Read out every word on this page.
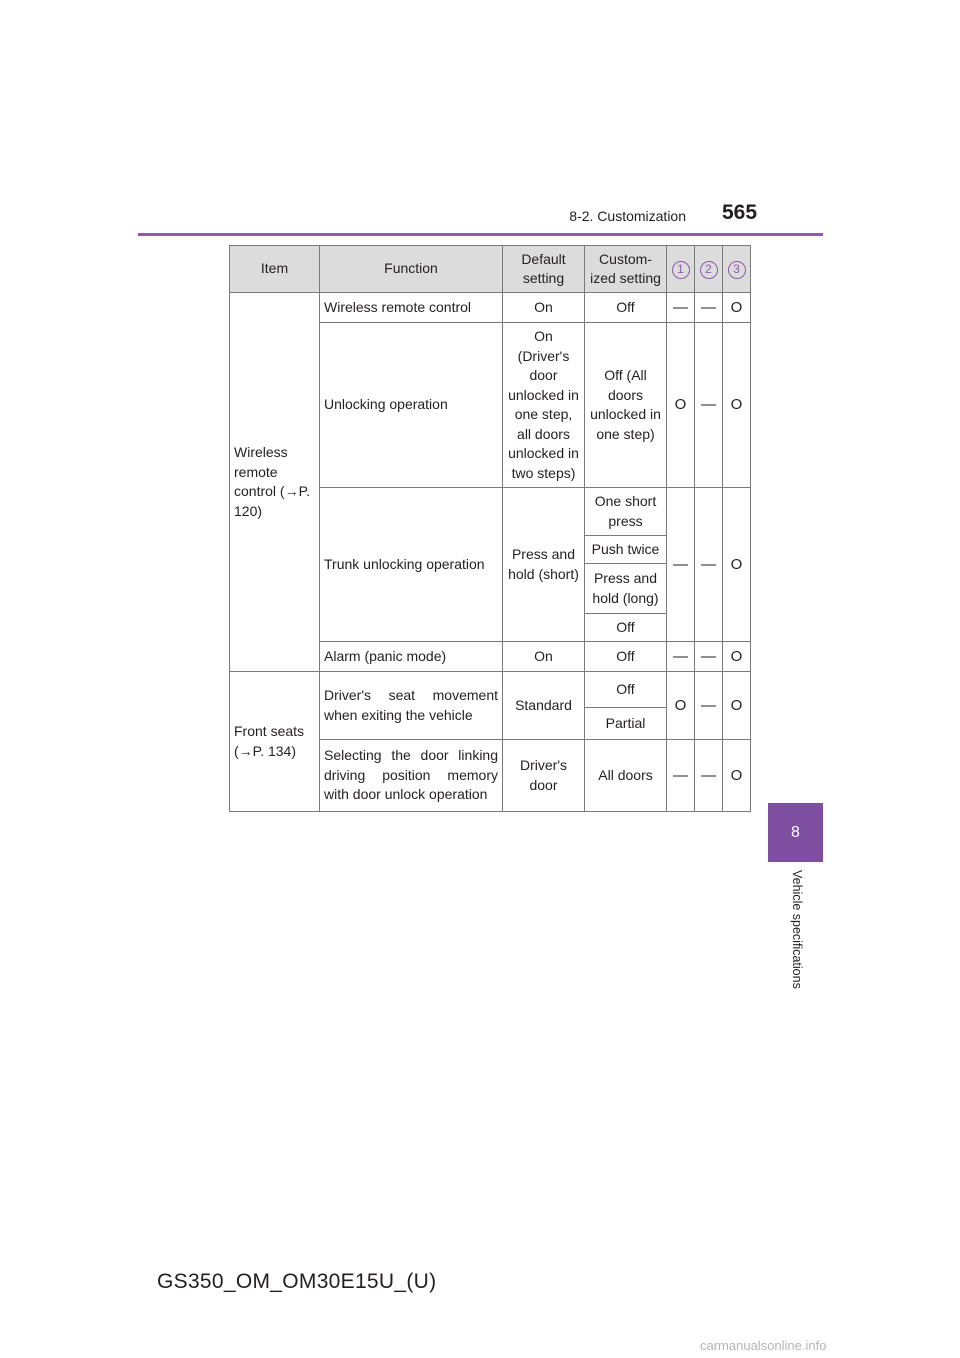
8-2. Customization 565
Item	Function	Default setting	Custom-ized setting	1	2	3
Wireless remote control (→P. 120)	Wireless remote control	On	Off	—	—	O
	Unlocking operation	On (Driver's door unlocked in one step, all doors unlocked in two steps)	Off (All doors unlocked in one step)	O	—	O
	Trunk unlocking operation	Press and hold (short)	One short press	—	—	O
			Push twice			
			Press and hold (long)			
			Off			
	Alarm (panic mode)	On	Off	—	—	O
Front seats (→P. 134)	Driver's seat movement when exiting the vehicle	Standard	Off	O	—	O
			Partial			
	Selecting the door linking driving position memory with door unlock operation	Driver's door	All doors	—	—	O
8
Vehicle specifications
GS350_OM_OM30E15U_(U)
carmanualsonline.info
